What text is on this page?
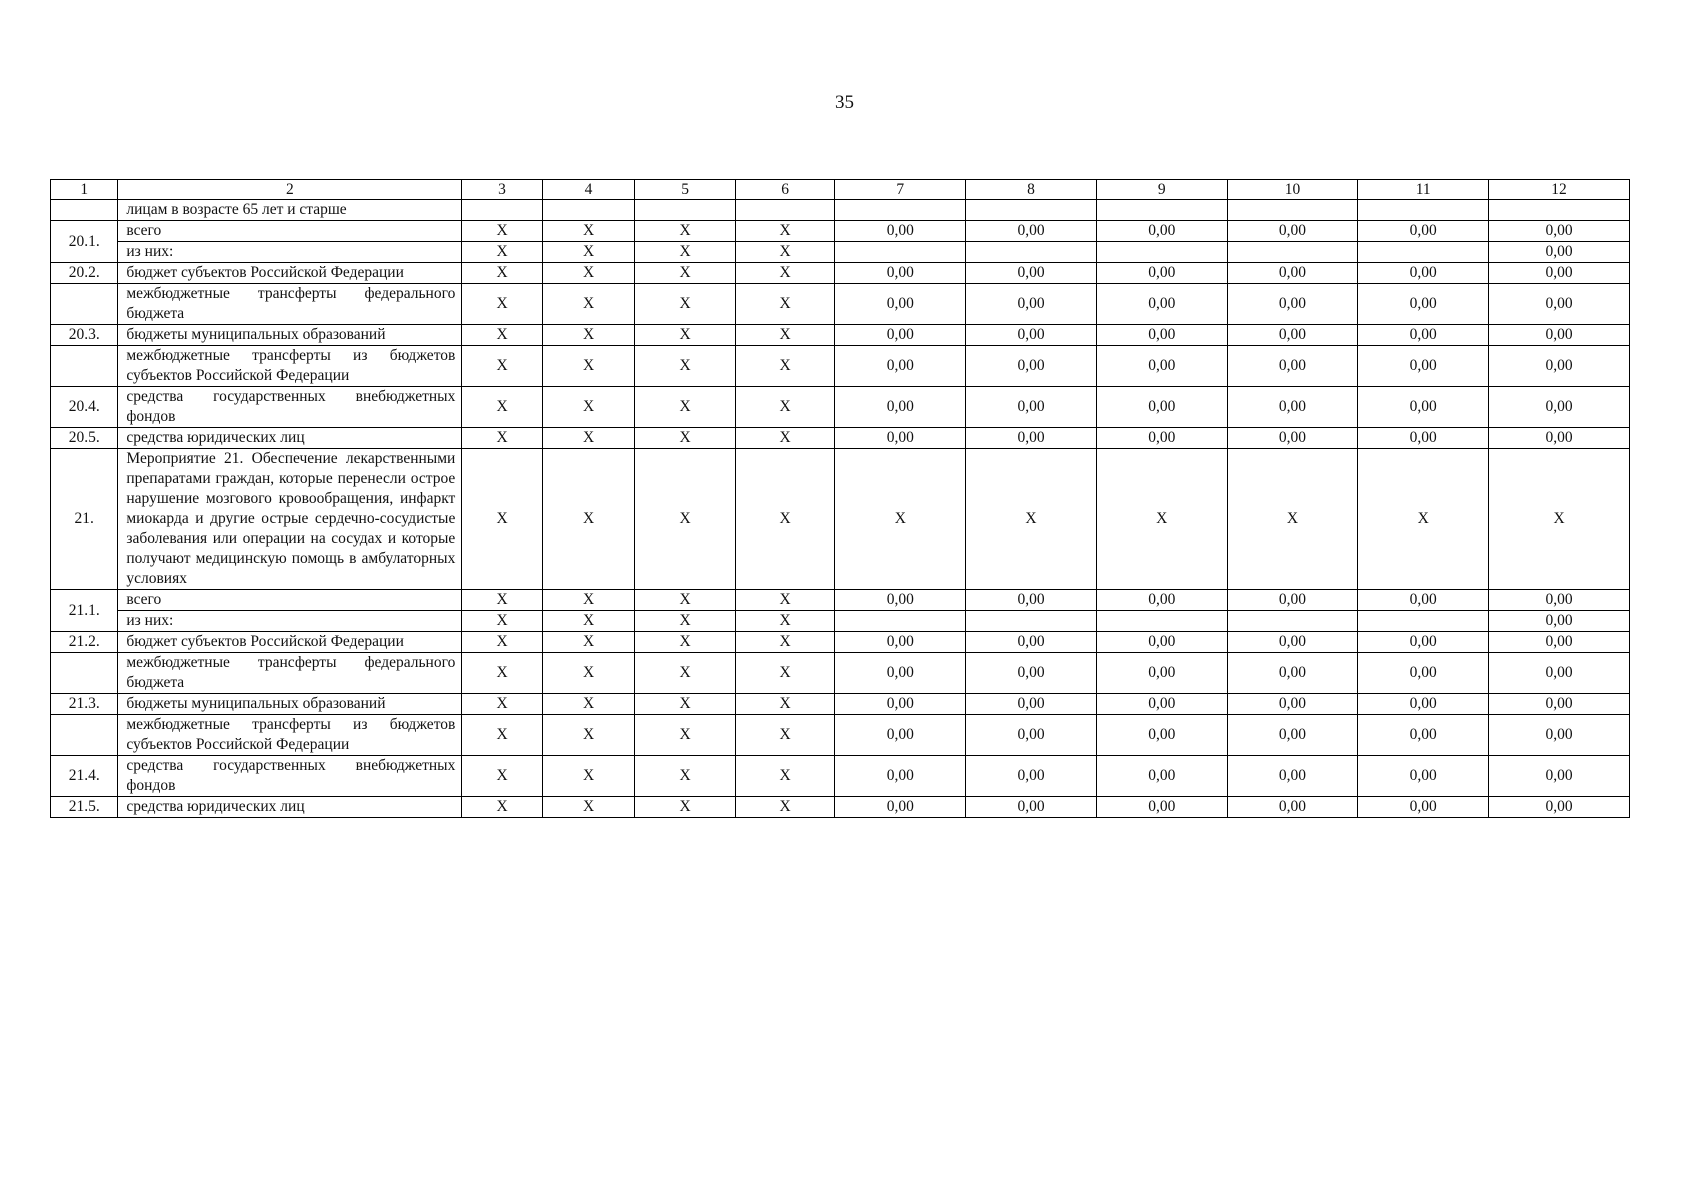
35
1	2	3	4	5	6	7	8	9	10	11	12
	лицам в возрасте 65 лет и старше										
20.1.	всего	X	X	X	X	0,00	0,00	0,00	0,00	0,00	0,00
	из них:	X	X	X	X						0,00
20.2.	бюджет субъектов Российской Федерации	X	X	X	X	0,00	0,00	0,00	0,00	0,00	0,00
	межбюджетные трансферты федерального бюджета	X	X	X	X	0,00	0,00	0,00	0,00	0,00	0,00
20.3.	бюджеты муниципальных образований	X	X	X	X	0,00	0,00	0,00	0,00	0,00	0,00
	межбюджетные трансферты из бюджетов субъектов Российской Федерации	X	X	X	X	0,00	0,00	0,00	0,00	0,00	0,00
20.4.	средства государственных внебюджетных фондов	X	X	X	X	0,00	0,00	0,00	0,00	0,00	0,00
20.5.	средства юридических лиц	X	X	X	X	0,00	0,00	0,00	0,00	0,00	0,00
21.	Мероприятие 21. Обеспечение лекарственными препаратами граждан, которые перенесли острое нарушение мозгового кровообращения, инфаркт миокарда и другие острые сердечно-сосудистые заболевания или операции на сосудах и которые получают медицинскую помощь в амбулаторных условиях	X	X	X	X	X	X	X	X	X	X
21.1.	всего	X	X	X	X	0,00	0,00	0,00	0,00	0,00	0,00
	из них:	X	X	X	X						0,00
21.2.	бюджет субъектов Российской Федерации	X	X	X	X	0,00	0,00	0,00	0,00	0,00	0,00
	межбюджетные трансферты федерального бюджета	X	X	X	X	0,00	0,00	0,00	0,00	0,00	0,00
21.3.	бюджеты муниципальных образований	X	X	X	X	0,00	0,00	0,00	0,00	0,00	0,00
	межбюджетные трансферты из бюджетов субъектов Российской Федерации	X	X	X	X	0,00	0,00	0,00	0,00	0,00	0,00
21.4.	средства государственных внебюджетных фондов	X	X	X	X	0,00	0,00	0,00	0,00	0,00	0,00
21.5.	средства юридических лиц	X	X	X	X	0,00	0,00	0,00	0,00	0,00	0,00
